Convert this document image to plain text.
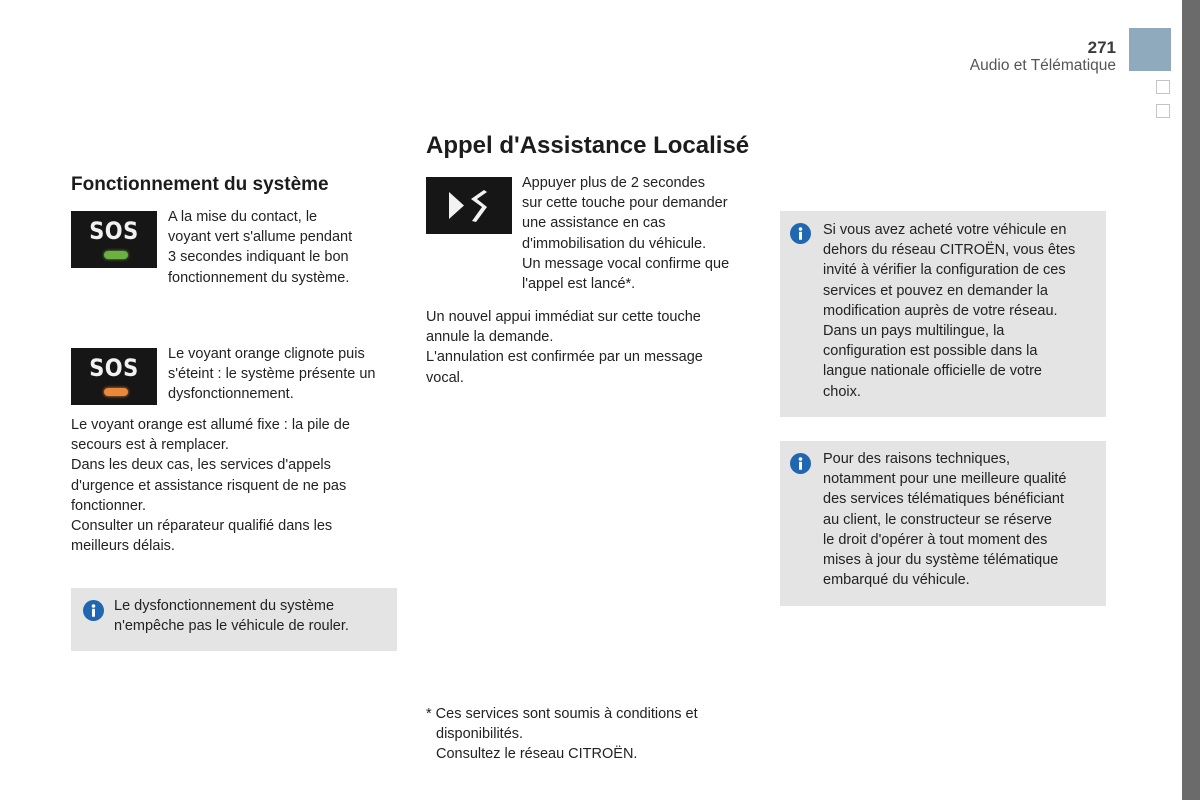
271
Audio et Télématique
Fonctionnement du système
SOS

A la mise du contact, le

voyant vert s'allume pendant

3 secondes indiquant le bon

fonctionnement du système.

SOS

Le voyant orange clignote puis

s'éteint : le système présente un

dysfonctionnement.

Le voyant orange est allumé fixe : la pile de

secours est à remplacer.

Dans les deux cas, les services d'appels

d'urgence et assistance risquent de ne pas

fonctionner.

Consulter un réparateur qualifié dans les

meilleurs délais.

Le dysfonctionnement du système

n'empêche pas le véhicule de rouler.

Appel d'Assistance Localisé

Appuyer plus de 2 secondes

sur cette touche pour demander

une assistance en cas

d'immobilisation du véhicule.

Un message vocal confirme que

l'appel est lancé*.

Un nouvel appui immédiat sur cette touche

annule la demande.

L'annulation est confirmée par un message

vocal.

* Ces services sont soumis à conditions et

disponibilités.

Consultez le réseau CITROËN.

Si vous avez acheté votre véhicule en

dehors du réseau CITROËN, vous êtes

invité à vérifier la configuration de ces

services et pouvez en demander la

modification auprès de votre réseau.

Dans un pays multilingue, la

configuration est possible dans la

langue nationale officielle de votre

choix.

Pour des raisons techniques,

notamment pour une meilleure qualité

des services télématiques bénéficiant

au client, le constructeur se réserve

le droit d'opérer à tout moment des

mises à jour du système télématique

embarqué du véhicule.
